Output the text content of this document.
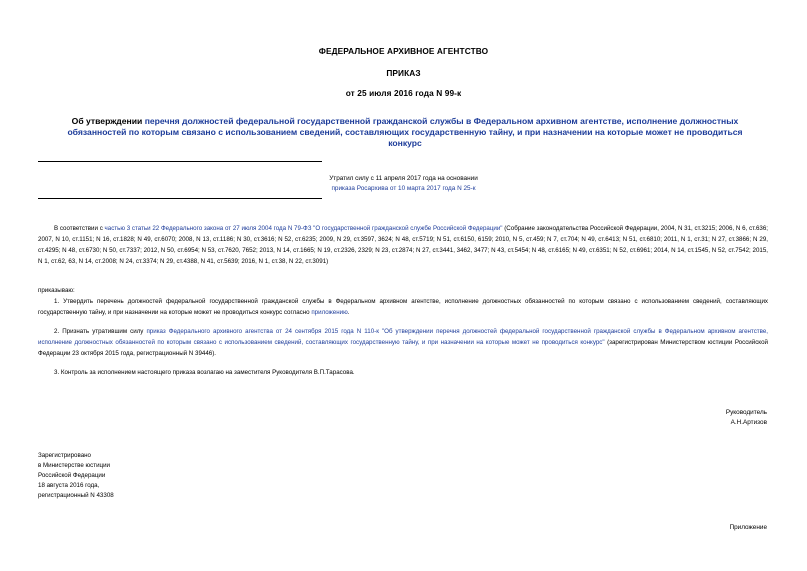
ФЕДЕРАЛЬНОЕ АРХИВНОЕ АГЕНТСТВО
ПРИКАЗ
от 25 июля 2016 года N 99-к
Об утверждении перечня должностей федеральной государственной гражданской службы в Федеральном архивном агентстве, исполнение должностных обязанностей по которым связано с использованием сведений, составляющих государственную тайну, и при назначении на которые может не проводиться конкурс
Утратил силу с 11 апреля 2017 года на основании
приказа Росархива от 10 марта 2017 года N 25-к
В соответствии с частью 3 статьи 22 Федерального закона от 27 июля 2004 года N 79-ФЗ "О государственной гражданской службе Российской Федерации" (Собрание законодательства Российской Федерации, 2004, N 31, ст.3215; 2006, N 6, ст.636; 2007, N 10, ст.1151; N 16, ст.1828; N 49, ст.6070; 2008, N 13, ст.1186; N 30, ст.3616; N 52, ст.6235; 2009, N 29, ст.3597, 3624; N 48, ст.5719; N 51, ст.6150, 6159; 2010, N 5, ст.459; N 7, ст.704; N 49, ст.6413; N 51, ст.6810; 2011, N 1, ст.31; N 27, ст.3866; N 29, ст.4295; N 48, ст.6730; N 50, ст.7337; 2012, N 50, ст.6954; N 53, ст.7620, 7652; 2013, N 14, ст.1665; N 19, ст.2326, 2329; N 23, ст.2874; N 27, ст.3441, 3462, 3477; N 43, ст.5454; N 48, ст.6165; N 49, ст.6351; N 52, ст.6961; 2014, N 14, ст.1545, N 52, ст.7542; 2015, N 1, ст.62, 63, N 14, ст.2008; N 24, ст.3374; N 29, ст.4388, N 41, ст.5639; 2016, N 1, ст.38, N 22, ст.3091)
приказываю:
1. Утвердить перечень должностей федеральной государственной гражданской службы в Федеральном архивном агентстве, исполнение должностных обязанностей по которым связано с использованием сведений, составляющих государственную тайну, и при назначении на которые может не проводиться конкурс согласно приложению.
2. Признать утратившим силу приказ Федерального архивного агентства от 24 сентября 2015 года N 110-к "Об утверждении перечня должностей федеральной государственной гражданской службы в Федеральном архивном агентстве, исполнение должностных обязанностей по которым связано с использованием сведений, составляющих государственную тайну, и при назначении на которые может не проводиться конкурс" (зарегистрирован Министерством юстиции Российской Федерации 23 октября 2015 года, регистрационный N 39446).
3. Контроль за исполнением настоящего приказа возлагаю на заместителя Руководителя В.П.Тарасова.
Руководитель
А.Н.Артизов
Зарегистрировано
в Министерстве юстиции
Российской Федерации
18 августа 2016 года,
регистрационный N 43308
Приложение
